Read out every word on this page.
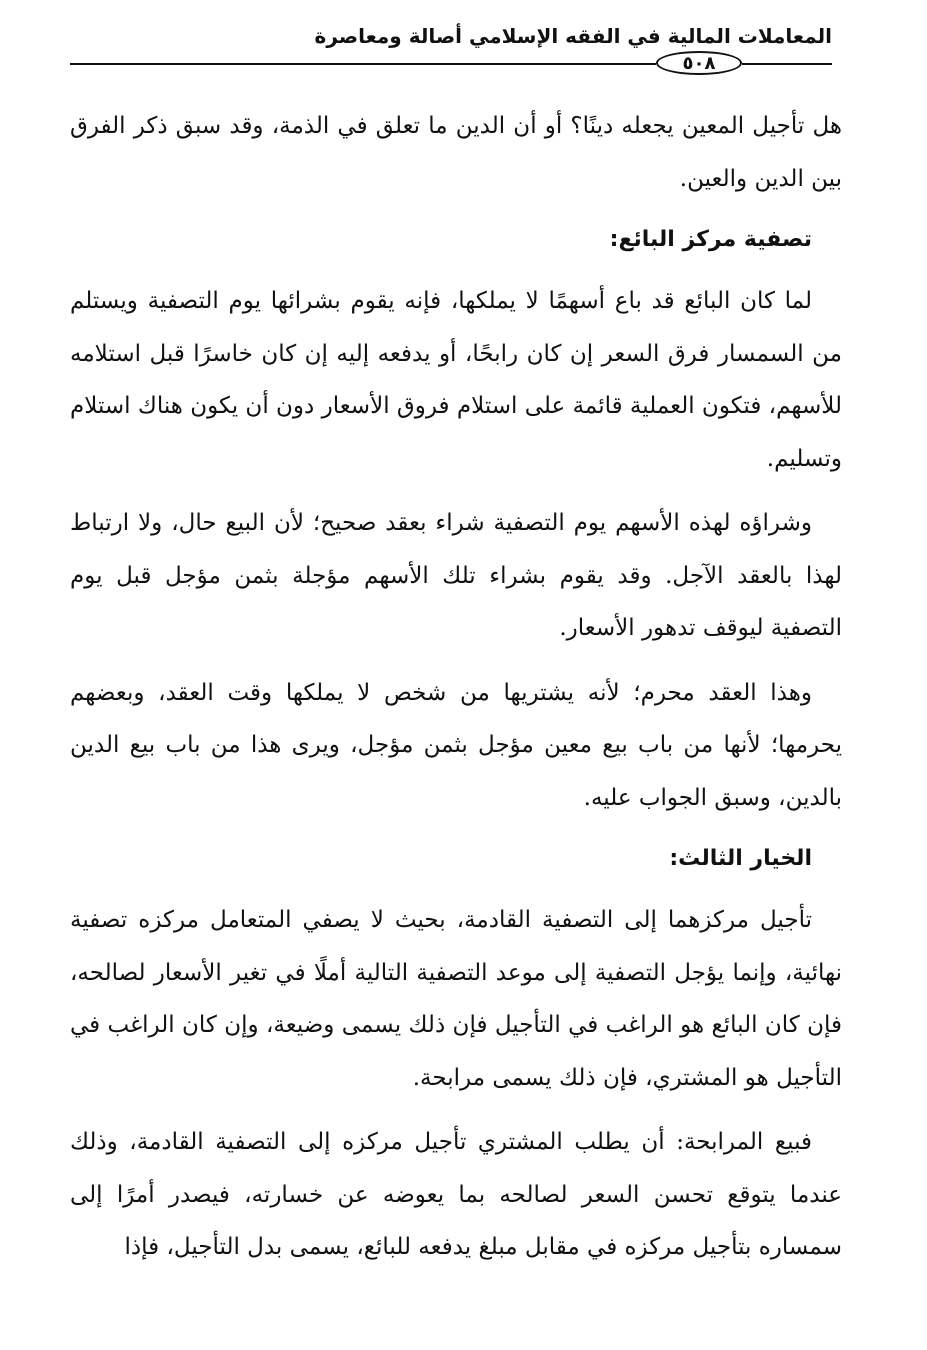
المعاملات المالية في الفقه الإسلامي أصالة ومعاصرة
٥٠٨

هل تأجيل المعين يجعله دينًا؟ أو أن الدين ما تعلق في الذمة، وقد سبق ذكر الفرق بين الدين والعين.

تصفية مركز البائع:

لما كان البائع قد باع أسهمًا لا يملكها، فإنه يقوم بشرائها يوم التصفية ويستلم من السمسار فرق السعر إن كان رابحًا، أو يدفعه إليه إن كان خاسرًا قبل استلامه للأسهم، فتكون العملية قائمة على استلام فروق الأسعار دون أن يكون هناك استلام وتسليم.

وشراؤه لهذه الأسهم يوم التصفية شراء بعقد صحيح؛ لأن البيع حال، ولا ارتباط لهذا بالعقد الآجل. وقد يقوم بشراء تلك الأسهم مؤجلة بثمن مؤجل قبل يوم التصفية ليوقف تدهور الأسعار.

وهذا العقد محرم؛ لأنه يشتريها من شخص لا يملكها وقت العقد، وبعضهم يحرمها؛ لأنها من باب بيع معين مؤجل بثمن مؤجل، ويرى هذا من باب بيع الدين بالدين، وسبق الجواب عليه.

الخيار الثالث:

تأجيل مركزهما إلى التصفية القادمة، بحيث لا يصفي المتعامل مركزه تصفية نهائية، وإنما يؤجل التصفية إلى موعد التصفية التالية أملًا في تغير الأسعار لصالحه، فإن كان البائع هو الراغب في التأجيل فإن ذلك يسمى وضيعة، وإن كان الراغب في التأجيل هو المشتري، فإن ذلك يسمى مرابحة.

فبيع المرابحة: أن يطلب المشتري تأجيل مركزه إلى التصفية القادمة، وذلك عندما يتوقع تحسن السعر لصالحه بما يعوضه عن خسارته، فيصدر أمرًا إلى سمساره بتأجيل مركزه في مقابل مبلغ يدفعه للبائع، يسمى بدل التأجيل، فإذا
